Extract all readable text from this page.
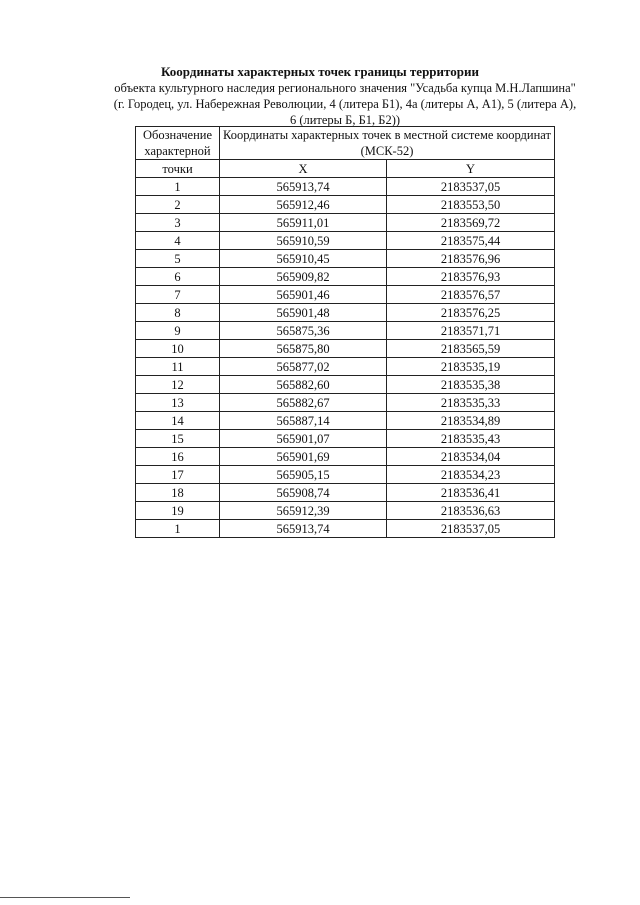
Координаты характерных точек границы территории
объекта культурного наследия регионального значения "Усадьба купца М.Н.Лапшина"
(г. Городец, ул. Набережная Революции, 4 (литера Б1), 4а (литеры А, А1), 5 (литера А),
6 (литеры Б, Б1, Б2))
Обозначение
характерной	Координаты характерных точек в местной системе координат (МСК-52)	

точки	X	Y
1	565913,74	2183537,05
2	565912,46	2183553,50
3	565911,01	2183569,72
4	565910,59	2183575,44
5	565910,45	2183576,96
6	565909,82	2183576,93
7	565901,46	2183576,57
8	565901,48	2183576,25
9	565875,36	2183571,71
10	565875,80	2183565,59
11	565877,02	2183535,19
12	565882,60	2183535,38
13	565882,67	2183535,33
14	565887,14	2183534,89
15	565901,07	2183535,43
16	565901,69	2183534,04
17	565905,15	2183534,23
18	565908,74	2183536,41
19	565912,39	2183536,63
1	565913,74	2183537,05
